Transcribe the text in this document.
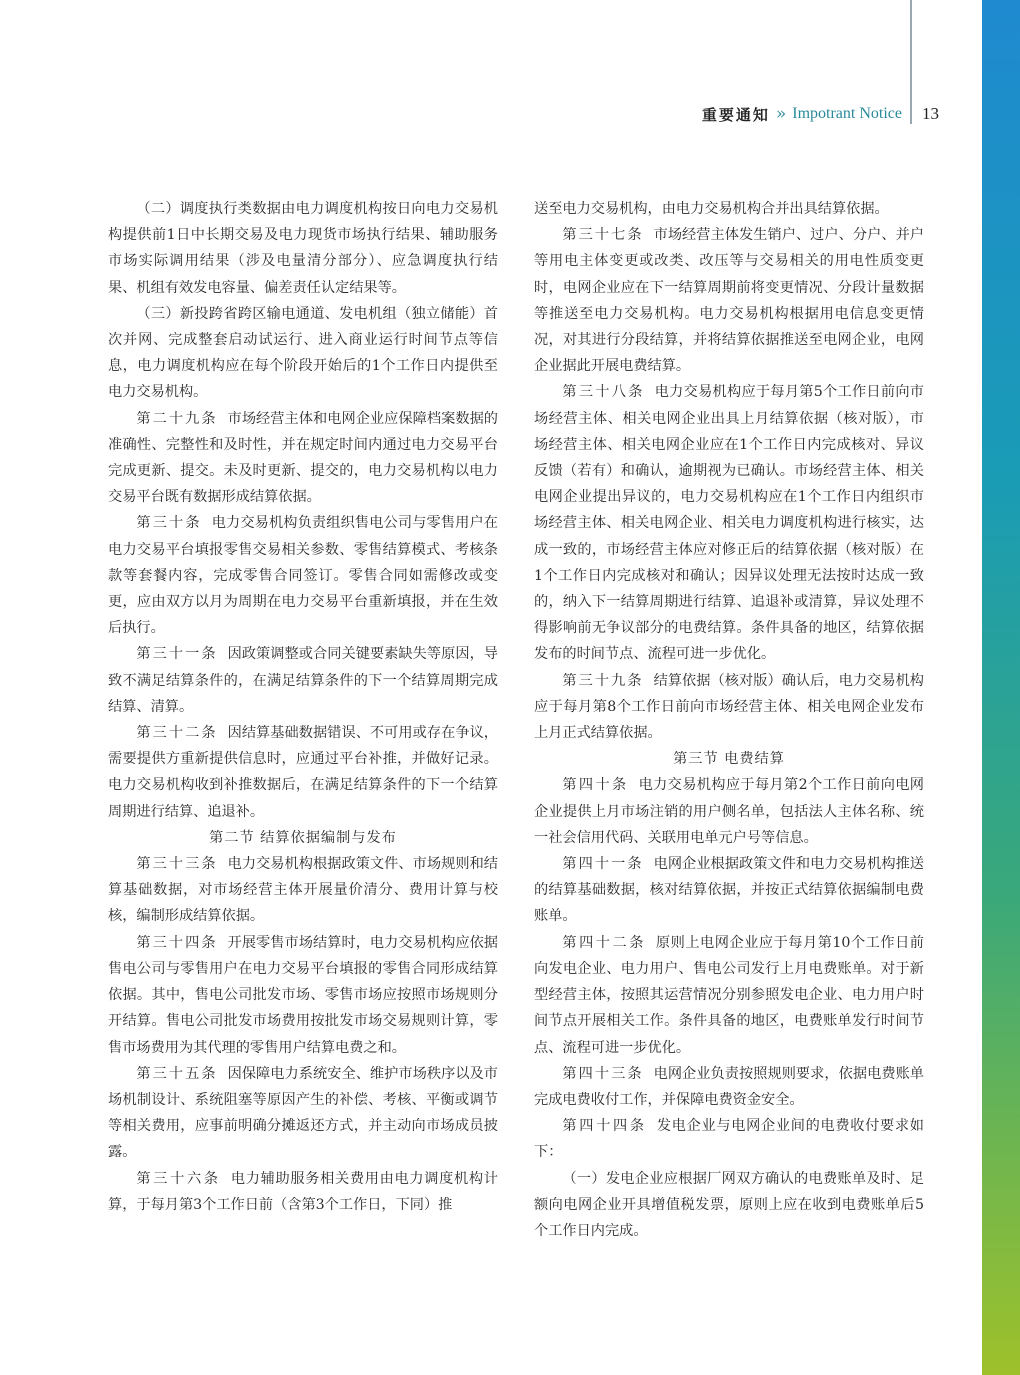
重要通知 » Impotrant Notice 13

（二）调度执行类数据由电力调度机构按日向电力交易机构提供前1日中长期交易及电力现货市场执行结果、辅助服务市场实际调用结果（涉及电量清分部分）、应急调度执行结果、机组有效发电容量、偏差责任认定结果等。

（三）新投跨省跨区输电通道、发电机组（独立储能）首次并网、完成整套启动试运行、进入商业运行时间节点等信息，电力调度机构应在每个阶段开始后的1个工作日内提供至电力交易机构。

第二十九条 市场经营主体和电网企业应保障档案数据的准确性、完整性和及时性，并在规定时间内通过电力交易平台完成更新、提交。未及时更新、提交的，电力交易机构以电力交易平台既有数据形成结算依据。

第三十条 电力交易机构负责组织售电公司与零售用户在电力交易平台填报零售交易相关参数、零售结算模式、考核条款等套餐内容，完成零售合同签订。零售合同如需修改或变更，应由双方以月为周期在电力交易平台重新填报，并在生效后执行。

第三十一条 因政策调整或合同关键要素缺失等原因，导致不满足结算条件的，在满足结算条件的下一个结算周期完成结算、清算。

第三十二条 因结算基础数据错误、不可用或存在争议，需要提供方重新提供信息时，应通过平台补推，并做好记录。电力交易机构收到补推数据后，在满足结算条件的下一个结算周期进行结算、追退补。

第二节 结算依据编制与发布

第三十三条 电力交易机构根据政策文件、市场规则和结算基础数据，对市场经营主体开展量价清分、费用计算与校核，编制形成结算依据。

第三十四条 开展零售市场结算时，电力交易机构应依据售电公司与零售用户在电力交易平台填报的零售合同形成结算依据。其中，售电公司批发市场、零售市场应按照市场规则分开结算。售电公司批发市场费用按批发市场交易规则计算，零售市场费用为其代理的零售用户结算电费之和。

第三十五条 因保障电力系统安全、维护市场秩序以及市场机制设计、系统阻塞等原因产生的补偿、考核、平衡或调节等相关费用，应事前明确分摊返还方式，并主动向市场成员披露。

第三十六条 电力辅助服务相关费用由电力调度机构计算，于每月第3个工作日前（含第3个工作日，下同）推

送至电力交易机构，由电力交易机构合并出具结算依据。

第三十七条 市场经营主体发生销户、过户、分户、并户等用电主体变更或改类、改压等与交易相关的用电性质变更时，电网企业应在下一结算周期前将变更情况、分段计量数据等推送至电力交易机构。电力交易机构根据用电信息变更情况，对其进行分段结算，并将结算依据推送至电网企业，电网企业据此开展电费结算。

第三十八条 电力交易机构应于每月第5个工作日前向市场经营主体、相关电网企业出具上月结算依据（核对版），市场经营主体、相关电网企业应在1个工作日内完成核对、异议反馈（若有）和确认，逾期视为已确认。市场经营主体、相关电网企业提出异议的，电力交易机构应在1个工作日内组织市场经营主体、相关电网企业、相关电力调度机构进行核实，达成一致的，市场经营主体应对修正后的结算依据（核对版）在1个工作日内完成核对和确认；因异议处理无法按时达成一致的，纳入下一结算周期进行结算、追退补或清算，异议处理不得影响前无争议部分的电费结算。条件具备的地区，结算依据发布的时间节点、流程可进一步优化。

第三十九条 结算依据（核对版）确认后，电力交易机构应于每月第8个工作日前向市场经营主体、相关电网企业发布上月正式结算依据。

第三节 电费结算

第四十条 电力交易机构应于每月第2个工作日前向电网企业提供上月市场注销的用户侧名单，包括法人主体名称、统一社会信用代码、关联用电单元户号等信息。

第四十一条 电网企业根据政策文件和电力交易机构推送的结算基础数据，核对结算依据，并按正式结算依据编制电费账单。

第四十二条 原则上电网企业应于每月第10个工作日前向发电企业、电力用户、售电公司发行上月电费账单。对于新型经营主体，按照其运营情况分别参照发电企业、电力用户时间节点开展相关工作。条件具备的地区，电费账单发行时间节点、流程可进一步优化。

第四十三条 电网企业负责按照规则要求，依据电费账单完成电费收付工作，并保障电费资金安全。

第四十四条 发电企业与电网企业间的电费收付要求如下：

（一）发电企业应根据厂网双方确认的电费账单及时、足额向电网企业开具增值税发票，原则上应在收到电费账单后5个工作日内完成。
